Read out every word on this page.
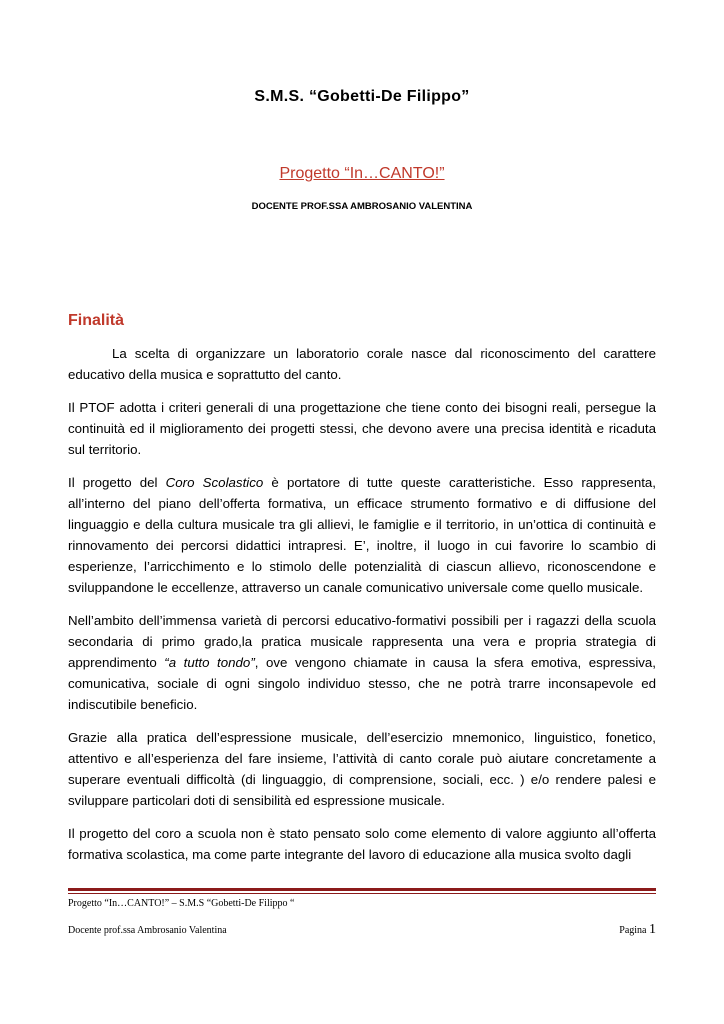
S.M.S. “Gobetti-De Filippo”
Progetto “In…CANTO!”
DOCENTE PROF.SSA AMBROSANIO VALENTINA
Finalità

La scelta di organizzare un laboratorio corale nasce dal riconoscimento del carattere educativo della musica e soprattutto del canto.

Il PTOF adotta i criteri generali di una progettazione che tiene conto dei bisogni reali, persegue la continuità ed il miglioramento dei progetti stessi, che devono avere una precisa identità e ricaduta sul territorio.

Il progetto del Coro Scolastico è portatore di tutte queste caratteristiche. Esso rappresenta, all’interno del piano dell’offerta formativa, un efficace strumento formativo e di diffusione del linguaggio e della cultura musicale tra gli allievi, le famiglie e il territorio, in un’ottica di continuità e rinnovamento dei percorsi didattici intrapresi. E’, inoltre, il luogo in cui favorire lo scambio di esperienze, l’arricchimento e lo stimolo delle potenzialità di ciascun allievo, riconoscendone e sviluppandone le eccellenze, attraverso un canale comunicativo universale come quello musicale.

Nell’ambito dell’immensa varietà di percorsi educativo-formativi possibili per i ragazzi della scuola secondaria di primo grado,la pratica musicale rappresenta una vera e propria strategia di apprendimento “a tutto tondo”, ove vengono chiamate in causa la sfera emotiva, espressiva, comunicativa, sociale di ogni singolo individuo stesso, che ne potrà trarre inconsapevole ed indiscutibile beneficio.

Grazie alla pratica dell’espressione musicale, dell’esercizio mnemonico, linguistico, fonetico, attentivo e all’esperienza del fare insieme, l’attività di canto corale può aiutare concretamente a superare eventuali difficoltà (di linguaggio, di comprensione, sociali, ecc. ) e/o rendere palesi e sviluppare particolari doti di sensibilità ed espressione musicale.

Il progetto del coro a scuola non è stato pensato solo come elemento di valore aggiunto all’offerta formativa scolastica, ma come parte integrante del lavoro di educazione alla musica svolto dagli

Progetto “In…CANTO!” – S.M.S “Gobetti-De Filippo “
Docente prof.ssa Ambrosanio Valentina	Pagina 1
